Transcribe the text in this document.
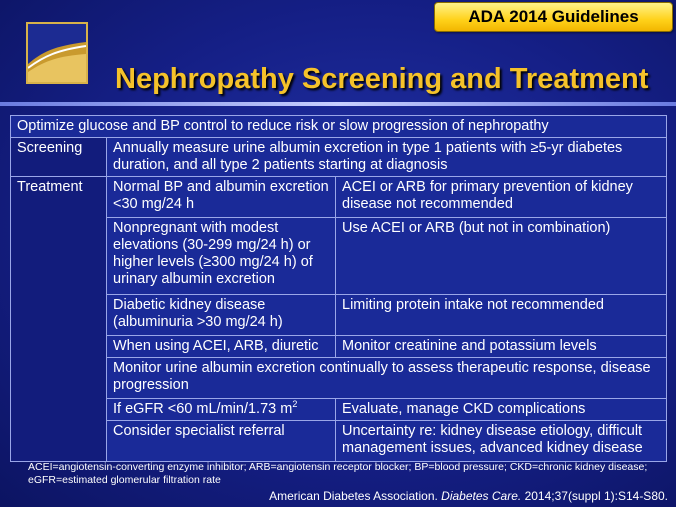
ADA 2014 Guidelines
Nephropathy Screening and Treatment
Optimize glucose and BP control to reduce risk or slow progression of nephropathy		
Screening	Annually measure urine albumin excretion in type 1 patients with ≥5-yr diabetes duration, and all type 2 patients starting at diagnosis	
Treatment	Normal BP and albumin excretion <30 mg/24 h	ACEI or ARB for primary prevention of kidney disease not recommended
	Nonpregnant with modest elevations (30-299 mg/24 h) or higher levels (≥300 mg/24 h) of urinary albumin excretion	Use ACEI or ARB (but not in combination)
	Diabetic kidney disease (albuminuria >30 mg/24 h)	Limiting protein intake not recommended
	When using ACEI, ARB, diuretic	Monitor creatinine and potassium levels
	Monitor urine albumin excretion continually to assess therapeutic response, disease progression	
	If eGFR <60 mL/min/1.73 $m^2$	Evaluate, manage CKD complications
	Consider specialist referral	Uncertainty re: kidney disease etiology, difficult management issues, advanced kidney disease
ACEI=angiotensin-converting enzyme inhibitor; ARB=angiotensin receptor blocker; BP=blood pressure; CKD=chronic kidney disease; eGFR=estimated glomerular filtration rate
American Diabetes Association. Diabetes Care. 2014;37(suppl 1):S14-S80.
